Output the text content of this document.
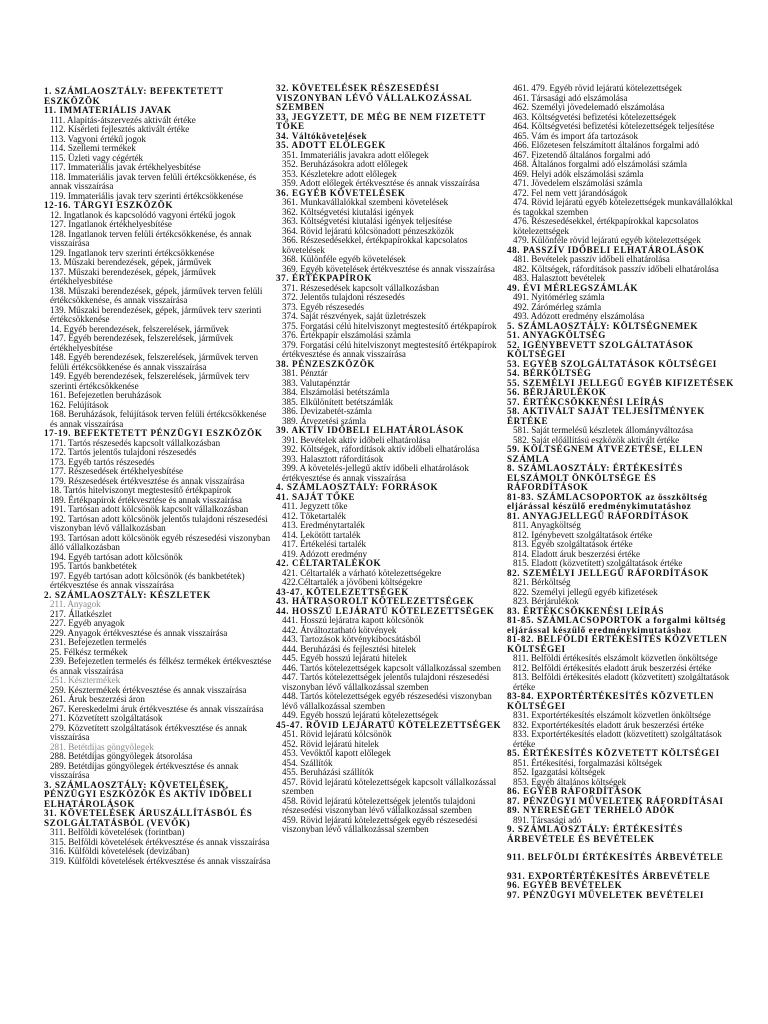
1. SZÁMLAOSZTÁLY: BEFEKTETETT ESZKÖZÖK
11. IMMATERIÁLIS JAVAK
111. Alapítás-átszervezés aktivált értéke
112. Kísérleti fejlesztés aktivált értéke
113. Vagyoni értékű jogok
114. Szellemi termékek
115. Üzleti vagy cégérték
117. Immateriális javak értékhelyesbítése
118. Immateriális javak terven felüli értékcsökkenése, és annak visszaírása
119. Immateriális javak terv szerinti értékcsökkenése
12-16. TÁRGYI ESZKÖZÖK
12. Ingatlanok és kapcsolódó vagyoni értékű jogok
127. Ingatlanok értékhelyesbítése
128. Ingatlanok terven felüli értékcsökkenése, és annak visszaírása
129. Ingatlanok terv szerinti értékcsökkenése
13. Műszaki berendezések, gépek, járművek
137. Műszaki berendezések, gépek, járművek értékhelyesbítése
138. Műszaki berendezések, gépek, járművek terven felüli értékcsökkenése, és annak visszaírása
139. Műszaki berendezések, gépek, járművek terv szerinti értékcsökkenése
14. Egyéb berendezések, felszerelések, járművek
147. Egyéb berendezések, felszerelések, járművek értékhelyesbítése
148. Egyéb berendezések, felszerelések, járművek terven felüli értékcsökkenése és annak visszaírása
149. Egyéb berendezések, felszerelések, járművek terv szerinti értékcsökkenése
161. Befejezetlen beruházások
162. Felújítások
168. Beruházások, felújítások terven felüli értékcsökkenése és annak visszaírása
17-19. BEFEKTETETT PÉNZÜGYI ESZKÖZÖK
171. Tartós részesedés kapcsolt vállalkozásban
172. Tartós jelentős tulajdoni részesedés
173. Egyéb tartós részesedés
177. Részesedések értékhelyesbítése
179. Részesedések értékvesztése és annak visszaírása
18. Tartós hitelviszonyt megtestesítő értékpapírok
189. Értékpapírok értékvesztése és annak visszaírása
191. Tartósan adott kölcsönök kapcsolt vállalkozásban
192. Tartósan adott kölcsönök jelentős tulajdoni részesedési viszonyban lévő vállalkozásban
193. Tartósan adott kölcsönök egyéb részesedési viszonyban álló vállalkozásban
194. Egyéb tartósan adott kölcsönök
195. Tartós bankbetétek
197. Egyéb tartósan adott kölcsönök (és bankbetétek) értékvesztése és annak visszaírása
2. SZÁMLAOSZTÁLY: KÉSZLETEK
211. Anyagok
217. Állatkészlet
227. Egyéb anyagok
229. Anyagok értékvesztése és annak visszaírása
231. Befejezetlen termelés
25. Félkész termékek
239. Befejezetlen termelés és félkész termékek értékvesztése és annak visszaírása
251. Késztermékek
259. Késztermékek értékvesztése és annak visszaírása
261. Áruk beszerzési áron
267. Kereskedelmi áruk értékvesztése és annak visszaírása
271. Közvetített szolgáltatások
279. Közvetített szolgáltatások értékvesztése és annak visszaírása
281. Betétdíjas göngyölegek
288. Betétdíjas göngyölegek átsorolása
289. Betétdíjas göngyölegek értékvesztése és annak visszaírása
3. SZÁMLAOSZTÁLY: KÖVETELÉSEK, PÉNZÜGYI ESZKÖZÖK ÉS AKTÍV IDŐBELI ELHATÁROLÁSOK
31. KÖVETELÉSEK ÁRUSZÁLLÍTÁSBÓL ÉS SZOLGÁLTATÁSBÓL (VEVŐK)
311. Belföldi követelések (forintban)
315. Belföldi követelések értékvesztése és annak visszaírása
316. Külföldi követelések (devizában)
319. Külföldi követelések értékvesztése és annak visszaírása
32. KÖVETELÉSEK RÉSZESEDÉSI VISZONYBAN LÉVŐ VÁLLALKOZÁSSAL SZEMBEN
33. JEGYZETT, DE MÉG BE NEM FIZETETT TŐKE
34. Váltókövetelések
35. ADOTT ELŐLEGEK
351. Immateriális javakra adott előlegek
352. Beruházásokra adott előlegek
353. Készletekre adott előlegek
359. Adott előlegek értékvesztése és annak visszaírása
36. EGYÉB KÖVETELÉSEK
361. Munkavállalókkal szembeni követelések
362. Költségvetési kiutalási igények
363. Költségvetési kiutalási igények teljesítése
364. Rövid lejáratú kölcsönadott pénzeszközök
366. Részesedésekkel, értékpapírokkal kapcsolatos követelések
368. Különféle egyéb követelések
369. Egyéb követelések értékvesztése és annak visszaírása
37. ÉRTÉKPAPÍROK
371. Részesedések kapcsolt vállalkozásban
372. Jelentős tulajdoni részesedés
373. Egyéb részesedés
374. Saját részvények, saját üzletrészek
375. Forgatási célú hitelviszonyt megtestesítő értékpapírok
376. Értékpapír elszámolási számla
379. Forgatási célú hitelviszonyt megtestesítő értékpapírok értékvesztése és annak visszaírása
38. PÉNZESZKÖZÖK
381. Pénztár
383. Valutapénztár
384. Elszámolási betétszámla
385. Elkülönített betétszámlák
386. Devizabetét-számla
389. Átvezetési számla
39. AKTÍV IDŐBELI ELHATÁROLÁSOK
391. Bevételek aktív időbeli elhatárolása
392. Költségek, ráfordítások aktív időbeli elhatárolása
393. Halasztott ráfordítások
399. A követelés-jellegű aktív időbeli elhatárolások értékvesztése és annak visszaírása
4. SZÁMLAOSZTÁLY: FORRÁSOK
41. SAJÁT TŐKE
411. Jegyzett tőke
412. Tőketartalék
413. Eredménytartalék
414. Lekötött tartalék
417. Értékelési tartalék
419. Adózott eredmény
42. CÉLTARTALÉKOK
421. Céltartalék a várható kötelezettségekre
422.Céltartalék a jövőbeni költségekre
43-47. KÖTELEZETTSÉGEK
43. HÁTRASOROLT KÖTELEZETTSÉGEK
44. HOSSZÚ LEJÁRATÚ KÖTELEZETTSÉGEK
441. Hosszú lejáratra kapott kölcsönök
442. Átváltoztatható kötvények
443. Tartozások kötvénykibocsátásból
444. Beruházási és fejlesztési hitelek
445. Egyéb hosszú lejáratú hitelek
446. Tartós kötelezettségek kapcsolt vállalkozással szemben
447. Tartós kötelezettségek jelentős tulajdoni részesedési viszonyban lévő vállalkozással szemben
448. Tartós kötelezettségek egyéb részesedési viszonyban lévő vállalkozással szemben
449. Egyéb hosszú lejáratú kötelezettségek
45-47. RÖVID LEJÁRATÚ KÖTELEZETTSÉGEK
451. Rövid lejáratú kölcsönök
452. Rövid lejáratú hitelek
453. Vevőktől kapott előlegek
454. Szállítók
455. Beruházási szállítók
457. Rövid lejáratú kötelezettségek kapcsolt vállalkozással szemben
458. Rövid lejáratú kötelezettségek jelentős tulajdoni részesedési viszonyban lévő vállalkozással szemben
459. Rövid lejáratú kötelezettségek egyéb részesedési viszonyban lévő vállalkozással szemben
461. 479. Egyéb rövid lejáratú kötelezettségek
461. Társasági adó elszámolása
462. Személyi jövedelemadó elszámolása
463. Költségvetési befizetési kötelezettségek
464. Költségvetési befizetési kötelezettségek teljesítése
465. Vám és import áfa tartozások
466. Előzetesen felszámított általános forgalmi adó
467. Fizetendő általános forgalmi adó
468. Általános forgalmi adó elszámolási számla
469. Helyi adók elszámolási számla
471. Jövedelem elszámolási számla
472. Fel nem vett járandóságok
474. Rövid lejáratú egyéb kötelezettségek munkavállalókkal és tagokkal szemben
476. Részesedésekkel, értékpapírokkal kapcsolatos kötelezettségek
479. Különféle rövid lejáratú egyéb kötelezettségek
48. PASSZÍV IDŐBELI ELHATÁROLÁSOK
481. Bevételek passzív időbeli elhatárolása
482. Költségek, ráfordítások passzív időbeli elhatárolása
483. Halasztott bevételek
49. ÉVI MÉRLEGSZÁMLÁK
491. Nyitómérleg számla
492. Zárómérleg számla
493. Adózott eredmény elszámolása
5. SZÁMLAOSZTÁLY: KÖLTSÉGNEMEK
51. ANYAGKÖLTSÉG
52. IGÉNYBEVETT SZOLGÁLTATÁSOK KÖLTSÉGEI
53. EGYÉB SZOLGÁLTATÁSOK KÖLTSÉGEI
54. BÉRKÖLTSÉG
55. SZEMÉLYI JELLEGŰ EGYÉB KIFIZETÉSEK
56. BÉRJÁRULÉKOK
57. ÉRTÉKCSÖKKENÉSI LEÍRÁS
58. AKTIVÁLT SAJÁT TELJESÍTMÉNYEK ÉRTÉKE
581. Saját termelésű készletek állományváltozása
582. Saját előállítású eszközök aktivált értéke
59. KÖLTSÉGNEM ÁTVEZETÉSE, ELLEN SZÁMLA
8. SZÁMLAOSZTÁLY: ÉRTÉKESÍTÉS ELSZÁMOLT ÖNKÖLTSÉGE ÉS RÁFORDÍTÁSOK
81-83. SZÁMLACSOPORTOK az összköltség eljárással készülő eredménykimutatáshoz
81. ANYAGJELLEGŰ RÁFORDÍTÁSOK
811. Anyagköltség
812. Igénybevett szolgáltatások értéke
813. Egyéb szolgáltatások értéke
814. Eladott áruk beszerzési értéke
815. Eladott (közvetített) szolgáltatások értéke
82. SZEMÉLYI JELLEGŰ RÁFORDÍTÁSOK
821. Bérköltség
822. Személyi jellegű egyéb kifizetések
823. Bérjárulékok
83. ÉRTÉKCSÖKKENÉSI LEÍRÁS
81-85. SZÁMLACSOPORTOK a forgalmi költség eljárással készülő eredménykimutatáshoz
81-82. BELFÖLDI ÉRTÉKESÍTÉS KÖZVETLEN KÖLTSÉGEI
811. Belföldi értékesítés elszámolt közvetlen önköltsége
812. Belföldi értékesítés eladott áruk beszerzési értéke
813. Belföldi értékesítés eladott (közvetített) szolgáltatások értéke
83-84. EXPORTÉRTÉKESÍTÉS KÖZVETLEN KÖLTSÉGEI
831. Exportértékesítés elszámolt közvetlen önköltsége
832. Exportértékesítés eladott áruk beszerzési értéke
833. Exportértékesítés eladott (közvetített) szolgáltatások értéke
85. ÉRTÉKESÍTÉS KÖZVETETT KÖLTSÉGEI
851. Értékesítési, forgalmazási költségek
852. Igazgatási költségek
853. Egyéb általános költségek
86. EGYÉB RÁFORDÍTÁSOK
87. PÉNZÜGYI MŰVELETEK RÁFORDÍTÁSAI
89. NYERESÉGET TERHELŐ ADÓK
891. Társasági adó
9. SZÁMLAOSZTÁLY: ÉRTÉKESÍTÉS ÁRBEVÉTELE ÉS BEVÉTELEK
911. BELFÖLDI ÉRTÉKESÍTÉS ÁRBEVÉTELE
931. EXPORTÉRTÉKESÍTÉS ÁRBEVÉTELE
96. EGYÉB BEVÉTELEK
97. PÉNZÜGYI MŰVELETEK BEVÉTELEI
